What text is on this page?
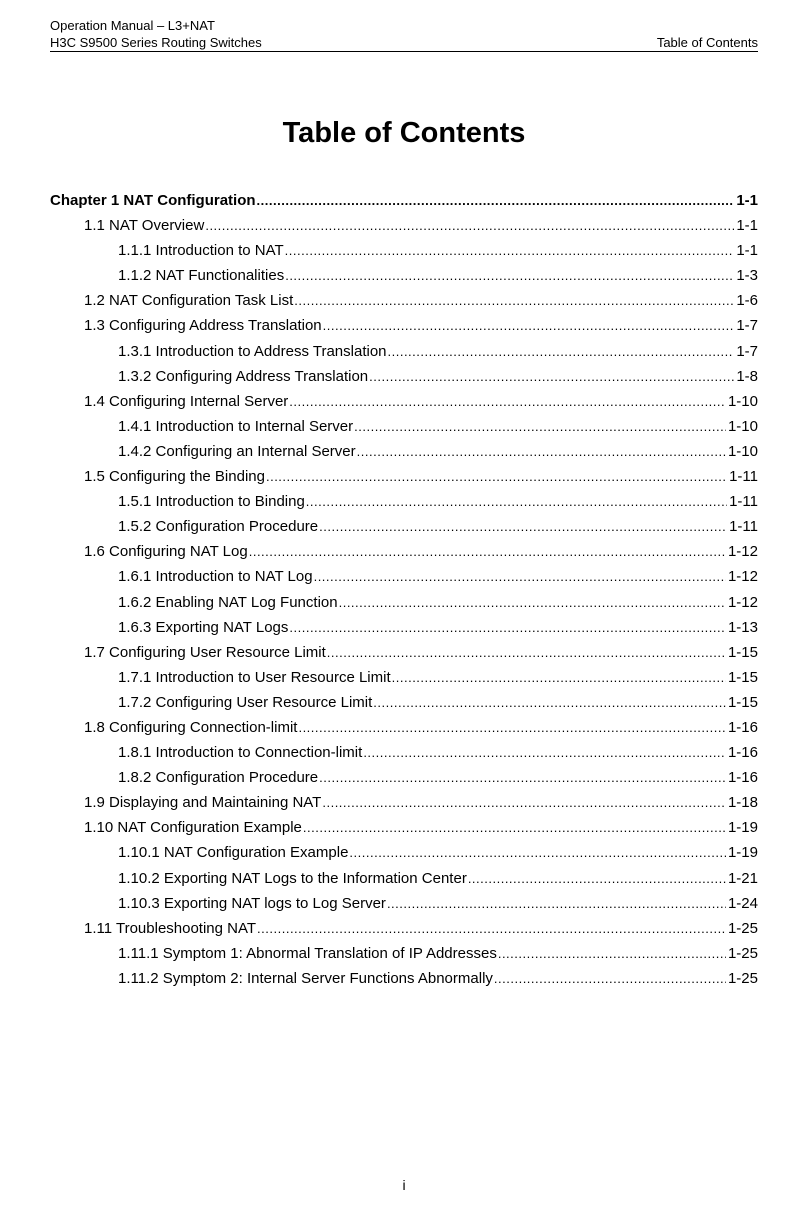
Operation Manual – L3+NAT
H3C S9500 Series Routing Switches	Table of Contents
Table of Contents
Chapter 1 NAT Configuration .....	1-1
1.1 NAT Overview .....	1-1
1.1.1 Introduction to NAT .....	1-1
1.1.2 NAT Functionalities .....	1-3
1.2 NAT Configuration Task List .....	1-6
1.3 Configuring Address Translation .....	1-7
1.3.1 Introduction to Address Translation .....	1-7
1.3.2 Configuring Address Translation .....	1-8
1.4 Configuring Internal Server .....	1-10
1.4.1 Introduction to Internal Server .....	1-10
1.4.2 Configuring an Internal Server .....	1-10
1.5 Configuring the Binding .....	1-11
1.5.1 Introduction to Binding .....	1-11
1.5.2 Configuration Procedure .....	1-11
1.6 Configuring NAT Log .....	1-12
1.6.1 Introduction to NAT Log .....	1-12
1.6.2 Enabling NAT Log Function .....	1-12
1.6.3 Exporting NAT Logs .....	1-13
1.7 Configuring User Resource Limit .....	1-15
1.7.1 Introduction to User Resource Limit .....	1-15
1.7.2 Configuring User Resource Limit .....	1-15
1.8 Configuring Connection-limit .....	1-16
1.8.1 Introduction to Connection-limit .....	1-16
1.8.2 Configuration Procedure .....	1-16
1.9 Displaying and Maintaining NAT .....	1-18
1.10 NAT Configuration Example .....	1-19
1.10.1 NAT Configuration Example .....	1-19
1.10.2 Exporting NAT Logs to the Information Center .....	1-21
1.10.3 Exporting NAT logs to Log Server .....	1-24
1.11 Troubleshooting NAT .....	1-25
1.11.1 Symptom 1: Abnormal Translation of IP Addresses .....	1-25
1.11.2 Symptom 2: Internal Server Functions Abnormally .....	1-25
i
